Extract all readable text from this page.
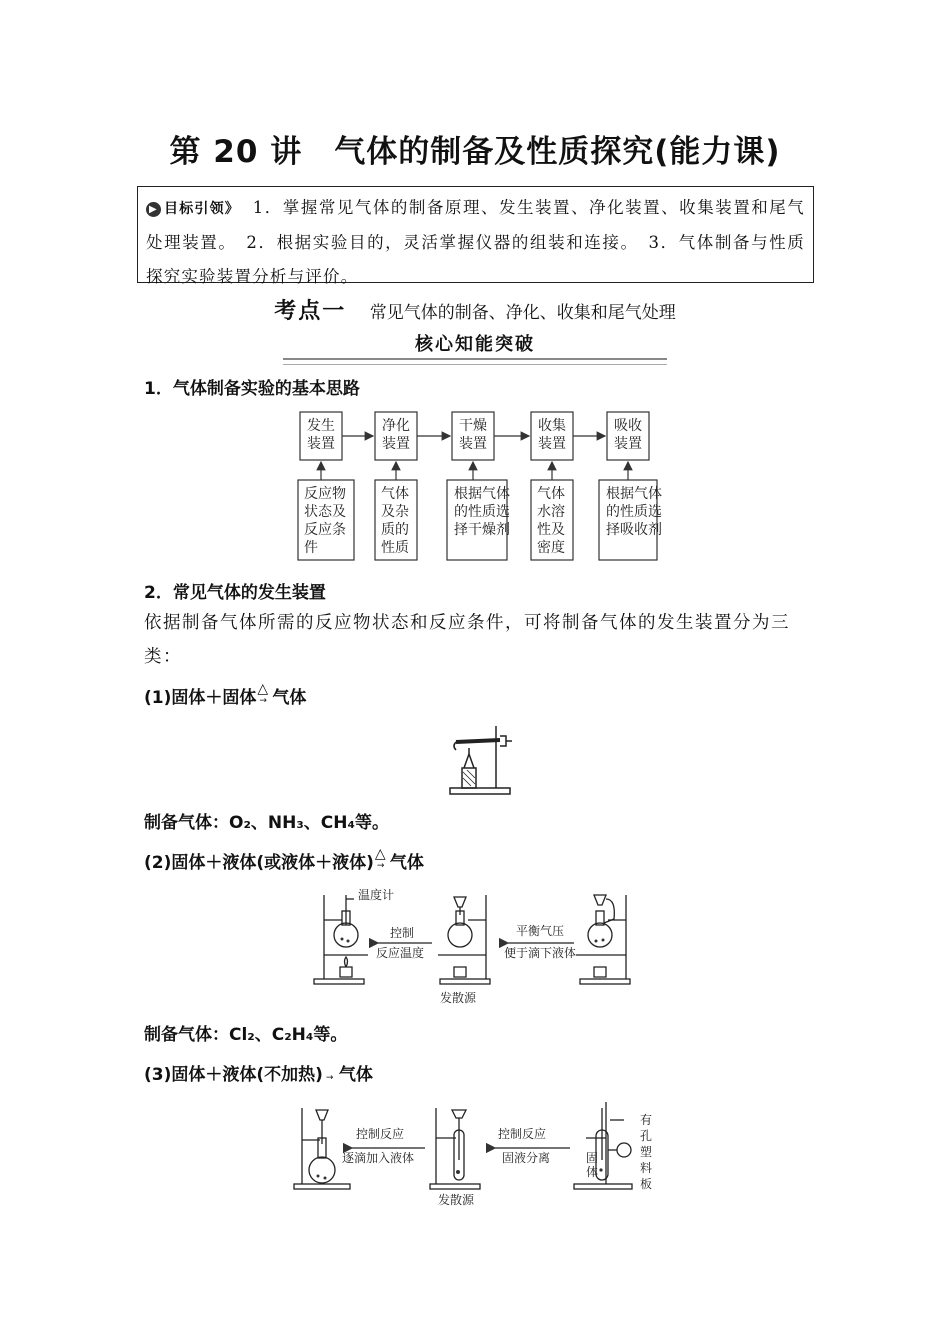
第 20 讲　气体的制备及性质探究(能力课)
▶ 目标引领》 1．掌握常见气体的制备原理、发生装置、净化装置、收集装置和尾气处理装置。　2．根据实验目的，灵活掌握仪器的组装和连接。　3．气体制备与性质探究实验装置分析与评价。
考点一 常见气体的制备、净化、收集和尾气处理
核心知能突破
1．气体制备实验的基本思路
发生
装置
净化
装置
干燥
装置
收集
装置
吸收
装置
反应物
状态及
反应条
件
气体
及杂
质的
性质
根据气体
的性质选
择干燥剂
气体
水溶
性及
密度
根据气体
的性质选
择吸收剂
2．常见气体的发生装置
依据制备气体所需的反应物状态和反应条件，可将制备气体的发生装置分为三类：
(1)固体＋固体 △
→ 气体
制备气体：O₂、NH₃、CH₄等。
(2)固体＋液体(或液体＋液体) △
→ 气体
温度计
控制
反应温度
平衡气压
便于滴下液体
发散源
制备气体：Cl₂、C₂H₄等。
(3)固体＋液体(不加热) → 气体
控制反应
逐滴加入液体
控制反应
固液分离
发散源
固
体
有
孔
塑
料
板
